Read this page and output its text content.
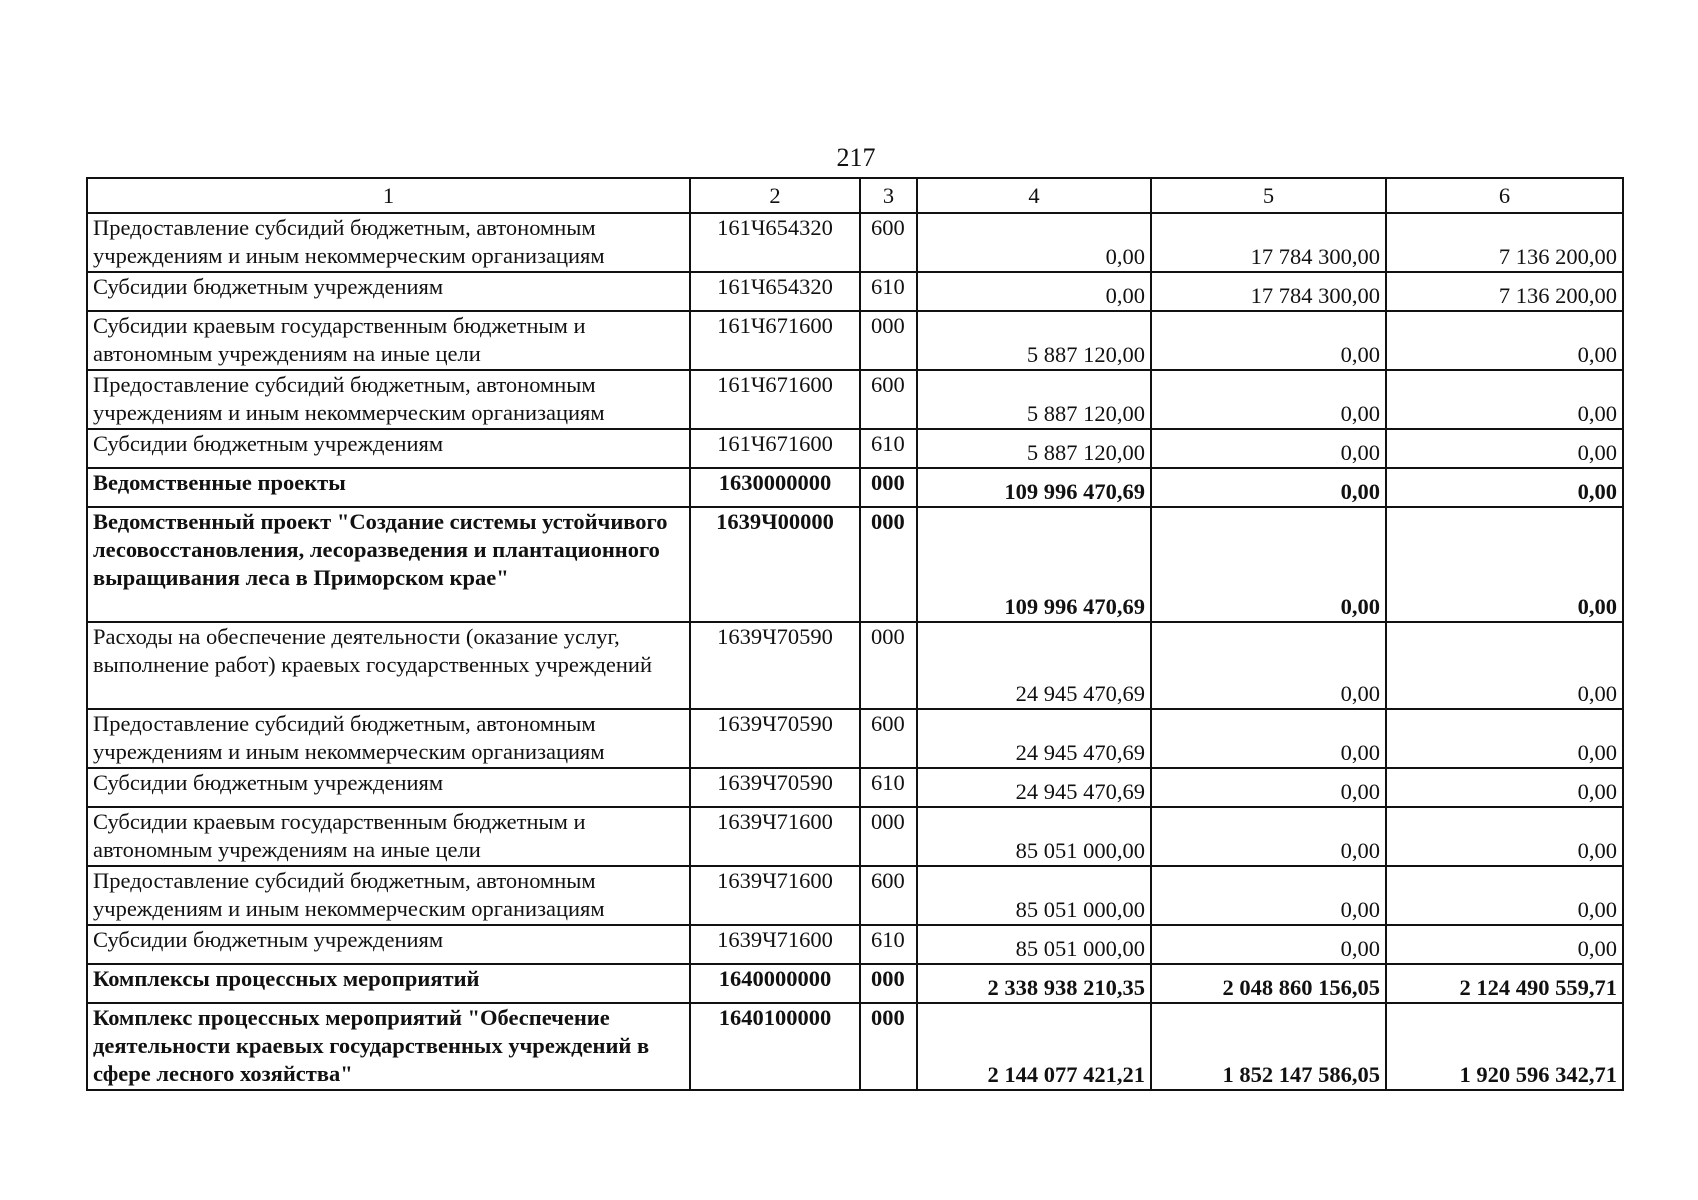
217
1	2	3	4	5	6
Предоставление субсидий бюджетным, автономным учреждениям и иным некоммерческим организациям	161Ч654320	600	0,00	17 784 300,00	7 136 200,00
Субсидии бюджетным учреждениям	161Ч654320	610	0,00	17 784 300,00	7 136 200,00
Субсидии краевым государственным бюджетным и автономным учреждениям на иные цели	161Ч671600	000	5 887 120,00	0,00	0,00
Предоставление субсидий бюджетным, автономным учреждениям и иным некоммерческим организациям	161Ч671600	600	5 887 120,00	0,00	0,00
Субсидии бюджетным учреждениям	161Ч671600	610	5 887 120,00	0,00	0,00
Ведомственные проекты	1630000000	000	109 996 470,69	0,00	0,00
Ведомственный проект "Создание системы устойчивого лесовосстановления, лесоразведения и плантационного выращивания леса в Приморском крае"	1639Ч00000	000	109 996 470,69	0,00	0,00
Расходы на обеспечение деятельности (оказание услуг, выполнение работ) краевых государственных учреждений	1639Ч70590	000	24 945 470,69	0,00	0,00
Предоставление субсидий бюджетным, автономным учреждениям и иным некоммерческим организациям	1639Ч70590	600	24 945 470,69	0,00	0,00
Субсидии бюджетным учреждениям	1639Ч70590	610	24 945 470,69	0,00	0,00
Субсидии краевым государственным бюджетным и автономным учреждениям на иные цели	1639Ч71600	000	85 051 000,00	0,00	0,00
Предоставление субсидий бюджетным, автономным учреждениям и иным некоммерческим организациям	1639Ч71600	600	85 051 000,00	0,00	0,00
Субсидии бюджетным учреждениям	1639Ч71600	610	85 051 000,00	0,00	0,00
Комплексы процессных мероприятий	1640000000	000	2 338 938 210,35	2 048 860 156,05	2 124 490 559,71
Комплекс процессных мероприятий "Обеспечение деятельности краевых государственных учреждений в сфере лесного хозяйства"	1640100000	000	2 144 077 421,21	1 852 147 586,05	1 920 596 342,71
